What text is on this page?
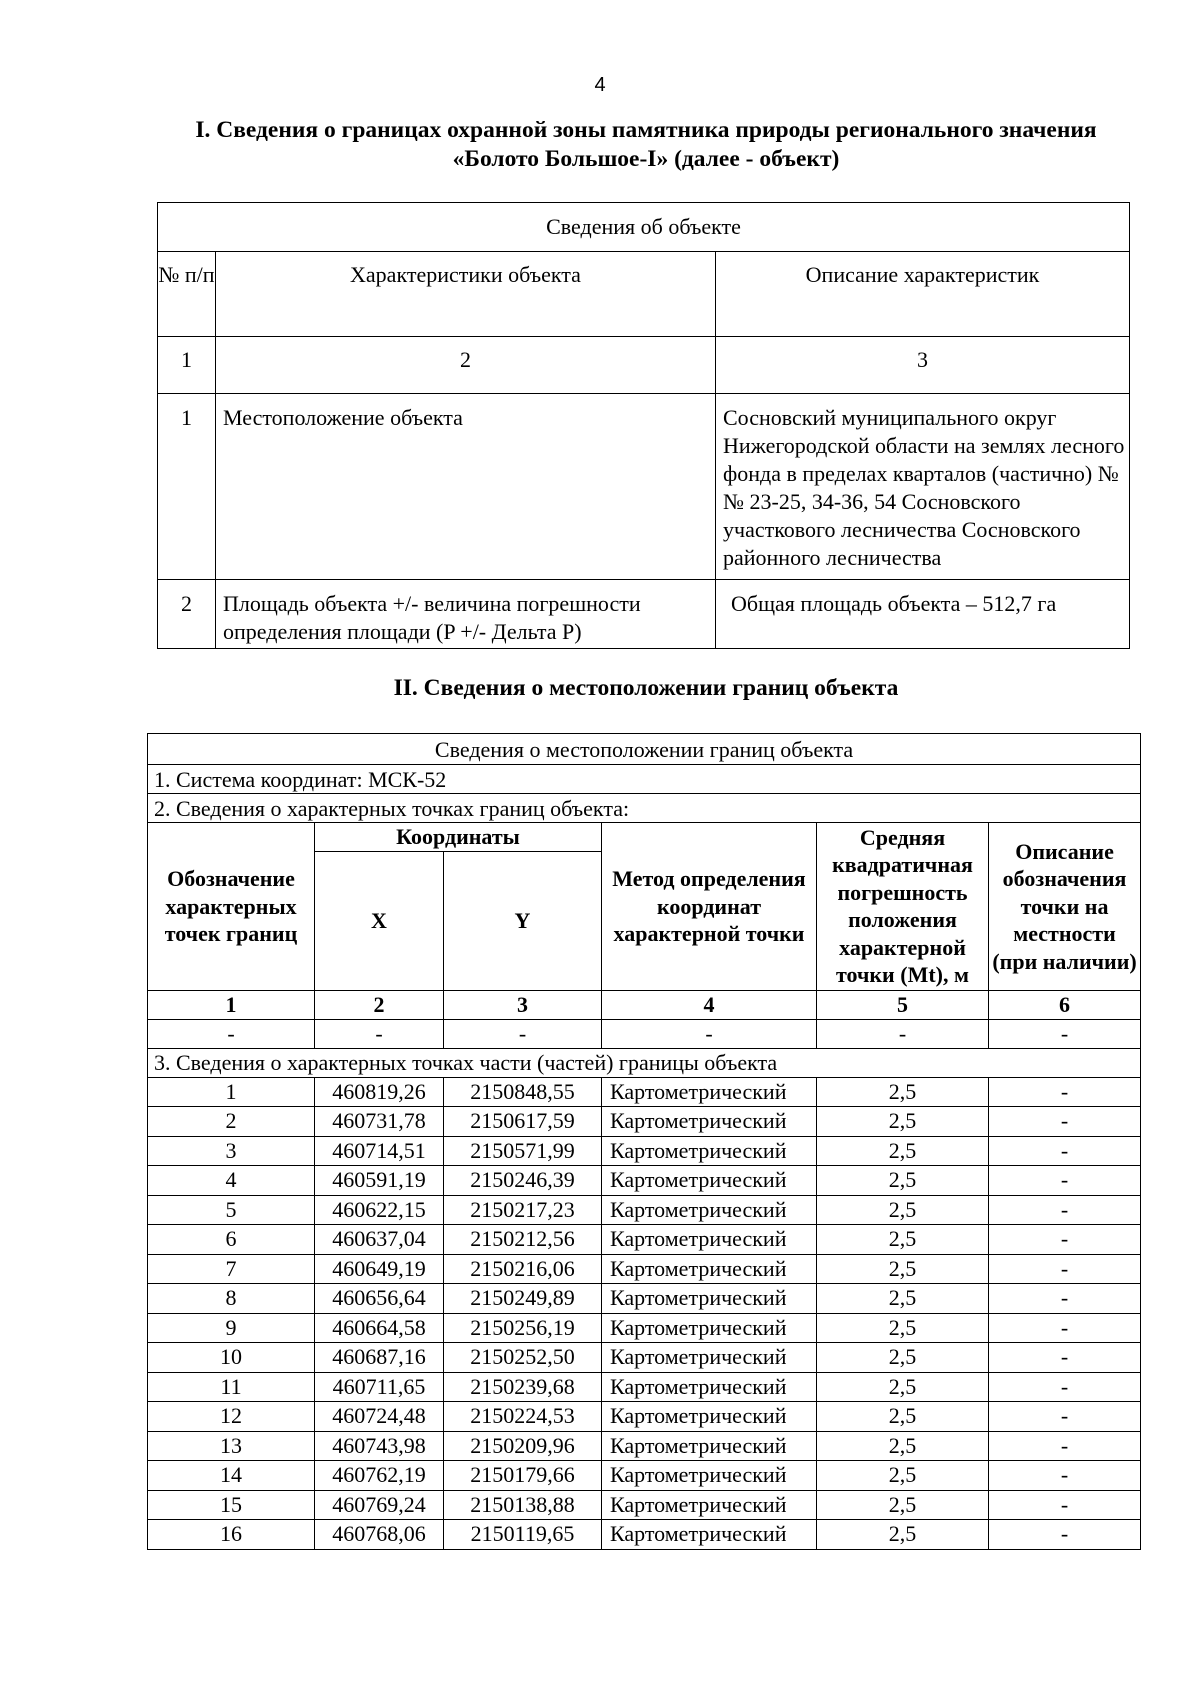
4
I. Сведения о границах охранной зоны памятника природы регионального значения
«Болото Большое-I» (далее - объект)
Сведения об объекте		
№ п/п	Характеристики объекта	Описание характеристик
1	2	3
1	Местоположение объекта	Сосновский муниципального округ Нижегородской области на землях лесного фонда в пределах кварталов (частично) №№ 23-25, 34-36, 54 Сосновского участкового лесничества Сосновского районного лесничества
2	Площадь объекта +/- величина погрешности определения площади (P +/- Дельта P)	Общая площадь объекта – 512,7 га
II. Сведения о местоположении границ объекта
Сведения о местоположении границ объекта					
1. Система координат: МСК-52					
2. Сведения о характерных точках границ объекта:					
Обозначение характерных точек границ	Координаты		Метод определения координат характерной точки	Средняя квадратичная погрешность положения характерной точки (Mt), м	Описание обозначения точки на местности (при наличии)
	X	Y			
1	2	3	4	5	6
-	-	-	-	-	-
3. Сведения о характерных точках части (частей) границы объекта					
1	460819,26	2150848,55	Картометрический	2,5	-
2	460731,78	2150617,59	Картометрический	2,5	-
3	460714,51	2150571,99	Картометрический	2,5	-
4	460591,19	2150246,39	Картометрический	2,5	-
5	460622,15	2150217,23	Картометрический	2,5	-
6	460637,04	2150212,56	Картометрический	2,5	-
7	460649,19	2150216,06	Картометрический	2,5	-
8	460656,64	2150249,89	Картометрический	2,5	-
9	460664,58	2150256,19	Картометрический	2,5	-
10	460687,16	2150252,50	Картометрический	2,5	-
11	460711,65	2150239,68	Картометрический	2,5	-
12	460724,48	2150224,53	Картометрический	2,5	-
13	460743,98	2150209,96	Картометрический	2,5	-
14	460762,19	2150179,66	Картометрический	2,5	-
15	460769,24	2150138,88	Картометрический	2,5	-
16	460768,06	2150119,65	Картометрический	2,5	-
